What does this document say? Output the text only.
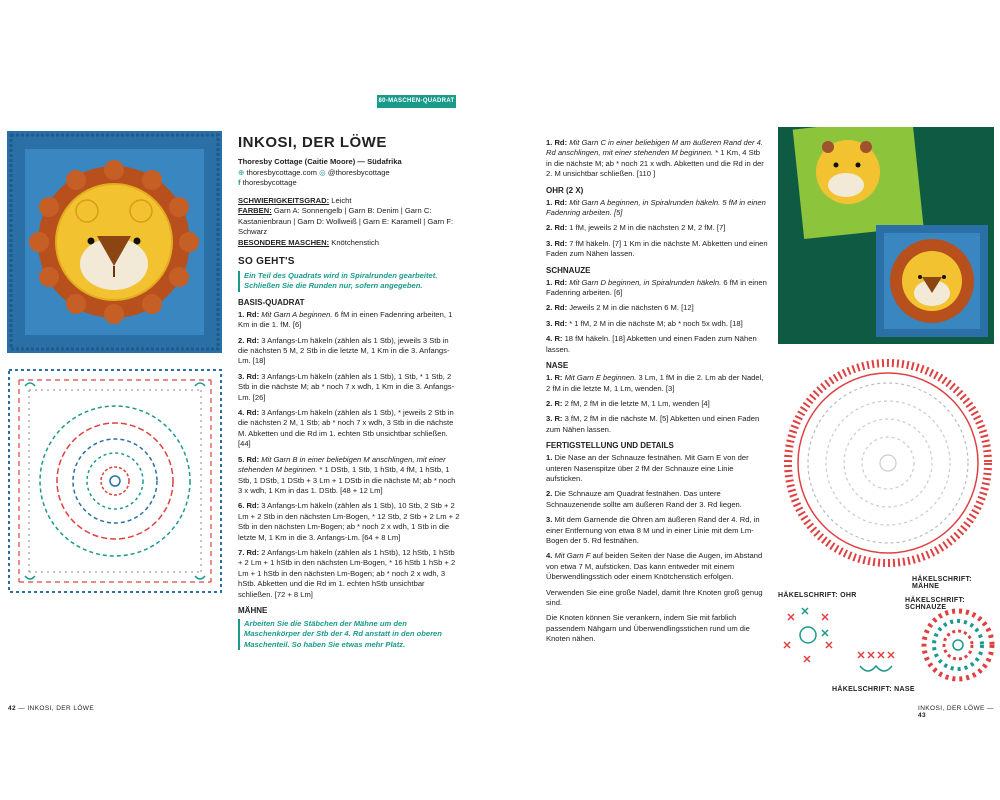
80-MASCHEN-QUADRAT
INKOSI, DER LÖWE
Thoresby Cottage (Caitie Moore) — Südafrika
⊕ thoresbycottage.com ◎ @thoresbycottage
f thoresbycottage
SCHWIERIGKEITSGRAD: Leicht
FARBEN: Garn A: Sonnengelb | Garn B: Denim | Garn C: Kastanienbraun | Garn D: Wollweiß | Garn E: Karamell | Garn F: Schwarz
BESONDERE MASCHEN: Knötchenstich
SO GEHT'S
Ein Teil des Quadrats wird in Spiralrunden gearbeitet. Schließen Sie die Runden nur, sofern angegeben.
BASIS-QUADRAT

1. Rd: Mit Garn A beginnen. 6 fM in einen Fadenring arbeiten, 1 Km in die 1. fM. [6]

2. Rd: 3 Anfangs-Lm häkeln (zählen als 1 Stb), jeweils 3 Stb in die nächsten 5 M, 2 Stb in die letzte M, 1 Km in die 3. Anfangs-Lm. [18]

3. Rd: 3 Anfangs-Lm häkeln (zählen als 1 Stb), 1 Stb, * 1 Stb, 2 Stb in die nächste M; ab * noch 7 x wdh, 1 Km in die 3. Anfangs-Lm. [26]

4. Rd: 3 Anfangs-Lm häkeln (zählen als 1 Stb), * jeweils 2 Stb in die nächsten 2 M, 1 Stb; ab * noch 7 x wdh, 3 Stb in die nächste M. Abketten und die Rd im 1. echten Stb unsichtbar schließen. [44]

5. Rd: Mit Garn B in einer beliebigen M anschlingen, mit einer stehenden M beginnen. * 1 DStb, 1 Stb, 1 hStb, 4 fM, 1 hStb, 1 Stb, 1 DStb, 1 DStb + 3 Lm + 1 DStb in die nächste M; ab * noch 3 x wdh, 1 Km in das 1. DStb. [48 + 12 Lm]

6. Rd: 3 Anfangs-Lm häkeln (zählen als 1 Stb), 10 Stb, 2 Stb + 2 Lm + 2 Stb in den nächsten Lm-Bogen, * 12 Stb, 2 Stb + 2 Lm + 2 Stb in den nächsten Lm-Bogen; ab * noch 2 x wdh, 1 Stb in die letzte M, 1 Km in die 3. Anfangs-Lm. [64 + 8 Lm]

7. Rd: 2 Anfangs-Lm häkeln (zählen als 1 hStb), 12 hStb, 1 hStb + 2 Lm + 1 hStb in den nächsten Lm-Bogen, * 16 hStb 1 hSb + 2 Lm + 1 hStb in den nächsten Lm-Bogen; ab * noch 2 x wdh, 3 hStb. Abketten und die Rd im 1. echten hStb unsichtbar schließen. [72 + 8 Lm]

MÄHNE
Arbeiten Sie die Stäbchen der Mähne um den Maschenkörper der Stb der 4. Rd anstatt in den oberen Maschenteil. So haben Sie etwas mehr Platz.
42 — INKOSI, DER LÖWE

1. Rd: Mit Garn C in einer beliebigen M am äußeren Rand der 4. Rd anschlingen, mit einer stehenden M beginnen. * 1 Km, 4 Stb in die nächste M; ab * noch 21 x wdh. Abketten und die Rd in der 2. M unsichtbar schließen. [110 ]

OHR (2 X)

1. Rd: Mit Garn A beginnen, in Spiralrunden häkeln. 5 fM in einen Fadenring arbeiten. [5]

2. Rd: 1 fM, jeweils 2 M in die nächsten 2 M, 2 fM. [7]

3. Rd: 7 fM häkeln. [7] 1 Km in die nächste M. Abketten und einen Faden zum Nähen lassen.

SCHNAUZE

1. Rd: Mit Garn D beginnen, in Spiralrunden häkeln. 6 fM in einen Fadenring arbeiten. [6]

2. Rd: Jeweils 2 M in die nächsten 6 M. [12]

3. Rd: * 1 fM, 2 M in die nächste M; ab * noch 5x wdh. [18]

4. R: 18 fM häkeln. [18] Abketten und einen Faden zum Nähen lassen.

NASE

1. R: Mit Garn E beginnen. 3 Lm, 1 fM in die 2. Lm ab der Nadel, 2 fM in die letzte M, 1 Lm, wenden. [3]

2. R: 2 fM, 2 fM in die letzte M, 1 Lm, wenden [4]

3. R: 3 fM, 2 fM in die nächste M. [5] Abketten und einen Faden zum Nähen lassen.

FERTIGSTELLUNG UND DETAILS

1. Die Nase an der Schnauze festnähen. Mit Garn E von der unteren Nasenspitze über 2 fM der Schnauze eine Linie aufsticken.

2. Die Schnauze am Quadrat festnähen. Das untere Schnauzenende sollte am äußeren Rand der 3. Rd liegen.

3. Mit dem Garnende die Ohren am äußeren Rand der 4. Rd, in einer Entfernung von etwa 8 M und in einer Linie mit dem Lm-Bogen der 5. Rd festnähen.

4. Mit Garn F auf beiden Seiten der Nase die Augen, im Abstand von etwa 7 M, aufsticken. Das kann entweder mit einem Überwendlingsstich oder einem Knötchenstich erfolgen.

Verwenden Sie eine große Nadel, damit Ihre Knoten groß genug sind.

Die Knoten können Sie verankern, indem Sie mit farblich passendem Nähgarn und Überwendlingsstichen rund um die Knoten nähen.

HÄKELSCHRIFT: MÄHNE
HÄKELSCHRIFT: OHR
HÄKELSCHRIFT: SCHNAUZE
HÄKELSCHRIFT: NASE
INKOSI, DER LÖWE — 43
